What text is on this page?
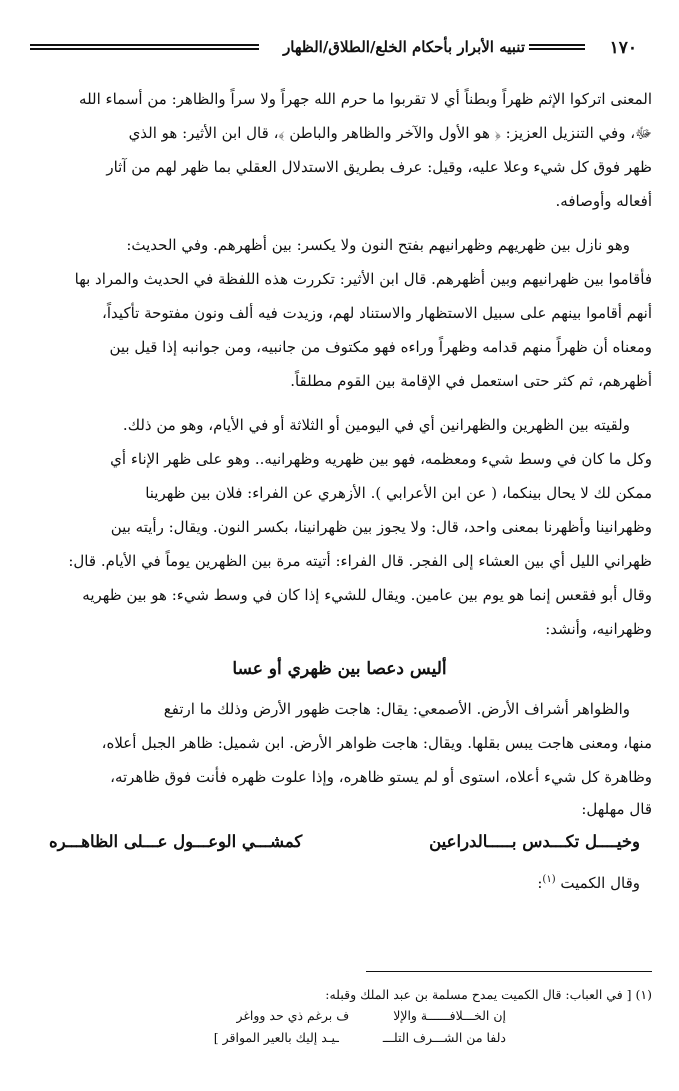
١٧٠
تنبيه الأبرار بأحكام الخلع/الطلاق/الظهار

المعنى اتركوا الإثم ظهراً وبطناً أي لا تقربوا ما حرم الله جهراً ولا سراً والظاهر: من أسماء الله

ﷻ، وفي التنزيل العزيز: ﴿ هو الأول والآخر والظاهر والباطن ﴾، قال ابن الأثير: هو الذي

ظهر فوق كل شيء وعلا عليه، وقيل: عرف بطريق الاستدلال العقلي بما ظهر لهم من آثار

أفعاله وأوصافه.

وهو نازل بين ظهريهم وظهرانيهم بفتح النون ولا يكسر: بين أظهرهم. وفي الحديث:

فأقاموا بين ظهرانيهم وبين أظهرهم. قال ابن الأثير: تكررت هذه اللفظة في الحديث والمراد بها

أنهم أقاموا بينهم على سبيل الاستظهار والاستناد لهم، وزيدت فيه ألف ونون مفتوحة تأكيداً،

ومعناه أن ظهراً منهم قدامه وظهراً وراءه فهو مكتوف من جانبيه، ومن جوانبه إذا قيل بين

أظهرهم، ثم كثر حتى استعمل في الإقامة بين القوم مطلقاً.

ولقيته بين الظهرين والظهرانين أي في اليومين أو الثلاثة أو في الأيام، وهو من ذلك.

وكل ما كان في وسط شيء ومعظمه، فهو بين ظهريه وظهرانيه.. وهو على ظهر الإناء أي

ممكن لك لا يحال بينكما، ( عن ابن الأعرابي ). الأزهري عن الفراء: فلان بين ظهرينا

وظهرانينا وأظهرنا بمعنى واحد، قال: ولا يجوز بين ظهرانينا، بكسر النون. ويقال: رأيته بين

ظهراني الليل أي بين العشاء إلى الفجر. قال الفراء: أتيته مرة بين الظهرين يوماً في الأيام. قال:

وقال أبو فقعس إنما هو يوم بين عامين. ويقال للشيء إذا كان في وسط شيء: هو بين ظهريه

وظهرانيه، وأنشد:

أليس دعصا بين ظهري أو عسا

والظواهر أشراف الأرض. الأصمعي: يقال: هاجت ظهور الأرض وذلك ما ارتفع

منها، ومعنى هاجت يبس بقلها. ويقال: هاجت ظواهر الأرض. ابن شميل: ظاهر الجبل أعلاه،

وظاهرة كل شيء أعلاه، استوى أو لم يستو ظاهره، وإذا علوت ظهره فأنت فوق ظاهرته،

قال مهلهل:
وخيــــل تكـــدس بـــــالدراعين
كمشـــي الوعـــول عـــلى الظاهـــره
وقال الكميت $^{(١)}$:
(١) [ في العباب: قال الكميت يمدح مسلمة بن عبد الملك وقبله:
إن الخـــلافــــــة والإلا
ف برغم ذي حد وواغر
دلفا من الشـــرف التلـــ
ـيـد إليك بالعير المواقر ]
